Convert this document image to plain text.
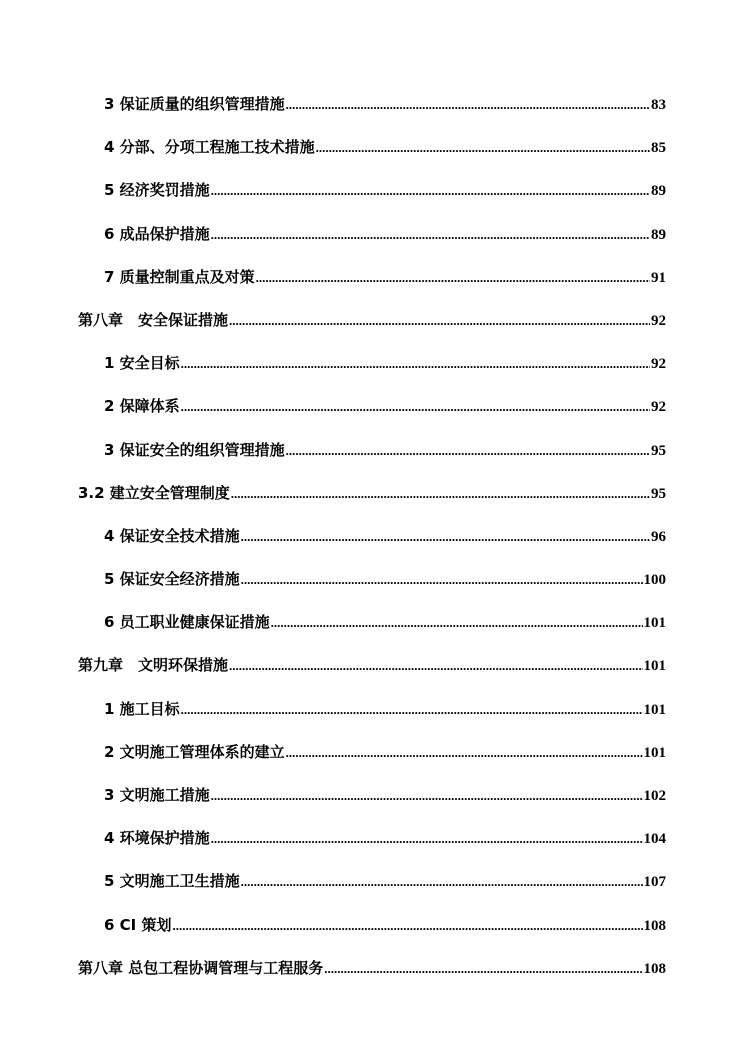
3 保证质量的组织管理措施 .....	83
4 分部、分项工程施工技术措施 .....	85
5 经济奖罚措施 .....	89
6 成品保护措施 .....	89
7 质量控制重点及对策 .....	91
第八章　安全保证措施 .....	92
1 安全目标 .....	92
2 保障体系 .....	92
3 保证安全的组织管理措施 .....	95
3.2 建立安全管理制度 .....	95
4 保证安全技术措施 .....	96
5 保证安全经济措施 .....	100
6 员工职业健康保证措施 .....	101
第九章　文明环保措施 .....	101
1 施工目标 .....	101
2 文明施工管理体系的建立 .....	101
3 文明施工措施 .....	102
4 环境保护措施 .....	104
5 文明施工卫生措施 .....	107
6 CI 策划 .....	108
第八章 总包工程协调管理与工程服务 .....	108
